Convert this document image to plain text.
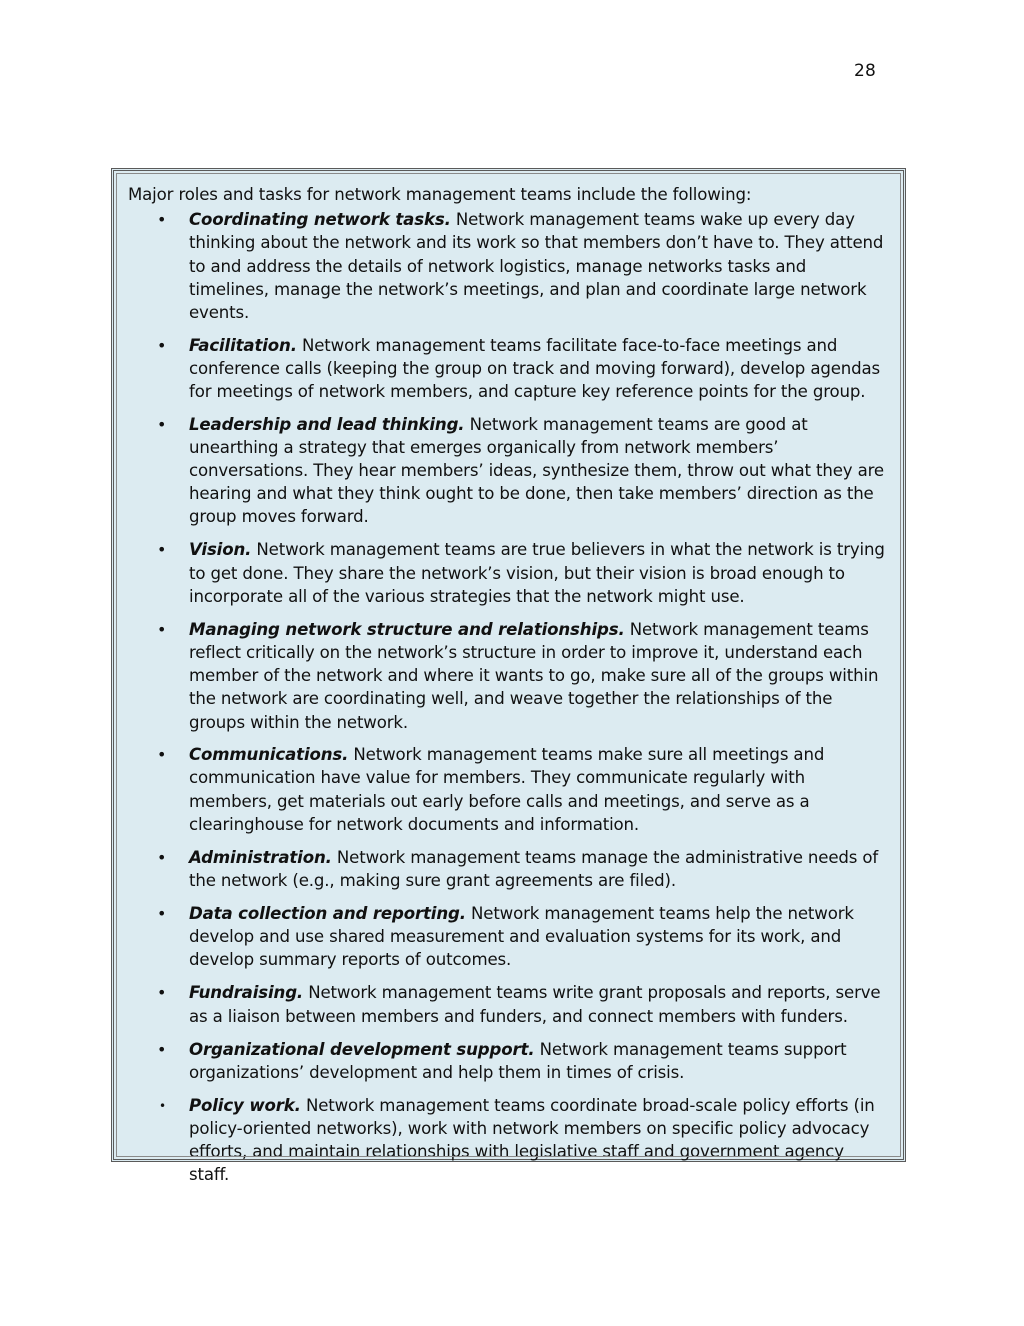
28

Major roles and tasks for network management teams include the following:

• Coordinating network tasks. Network management teams wake up every day thinking about the network and its work so that members don’t have to. They attend to and address the details of network logistics, manage networks tasks and timelines, manage the network’s meetings, and plan and coordinate large network events.
• Facilitation. Network management teams facilitate face-to-face meetings and conference calls (keeping the group on track and moving forward), develop agendas for meetings of network members, and capture key reference points for the group.
• Leadership and lead thinking. Network management teams are good at unearthing a strategy that emerges organically from network members’ conversations. They hear members’ ideas, synthesize them, throw out what they are hearing and what they think ought to be done, then take members’ direction as the group moves forward.
• Vision. Network management teams are true believers in what the network is trying to get done. They share the network’s vision, but their vision is broad enough to incorporate all of the various strategies that the network might use.
• Managing network structure and relationships. Network management teams reflect critically on the network’s structure in order to improve it, understand each member of the network and where it wants to go, make sure all of the groups within the network are coordinating well, and weave together the relationships of the groups within the network.
• Communications. Network management teams make sure all meetings and communication have value for members. They communicate regularly with members, get materials out early before calls and meetings, and serve as a clearinghouse for network documents and information.
• Administration. Network management teams manage the administrative needs of the network (e.g., making sure grant agreements are filed).
• Data collection and reporting. Network management teams help the network develop and use shared measurement and evaluation systems for its work, and develop summary reports of outcomes.
• Fundraising. Network management teams write grant proposals and reports, serve as a liaison between members and funders, and connect members with funders.
• Organizational development support. Network management teams support organizations’ development and help them in times of crisis.
• Policy work. Network management teams coordinate broad-scale policy efforts (in policy-oriented networks), work with network members on specific policy advocacy efforts, and maintain relationships with legislative staff and government agency staff.
